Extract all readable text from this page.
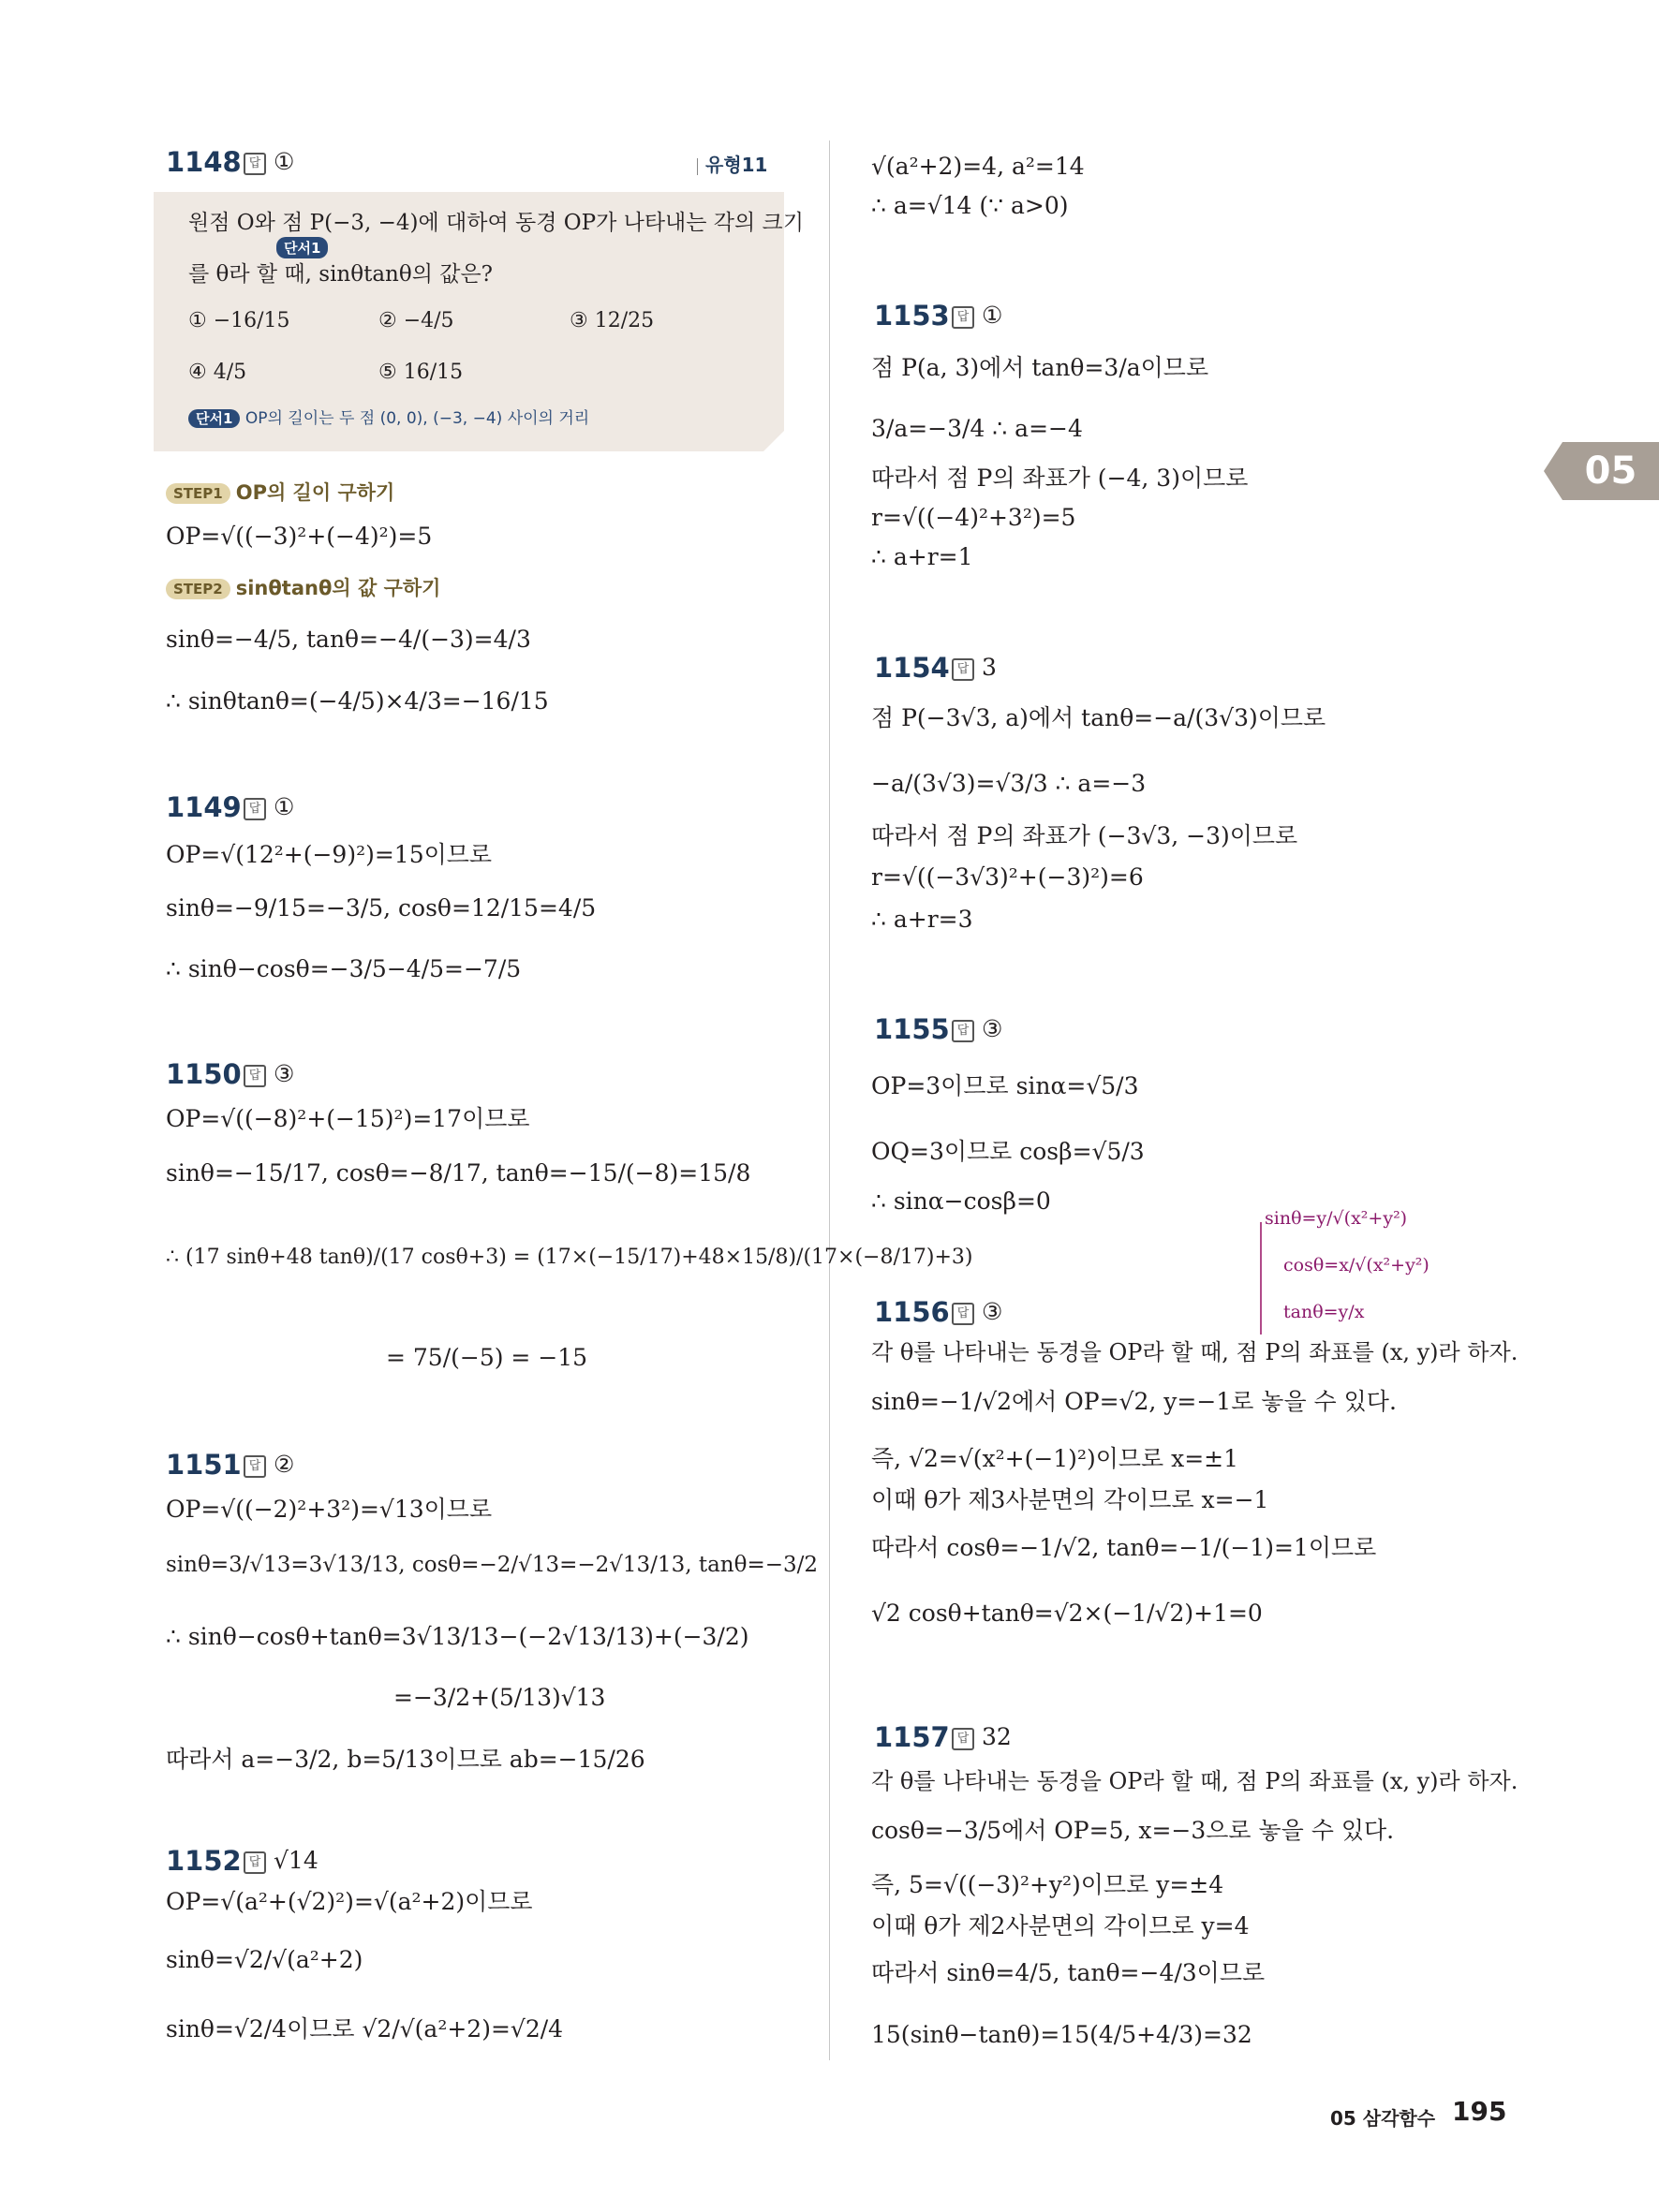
05
1148 답 ①	유형11
원점 O와 점 P(−3, −4)에 대하여 동경 OP가 나타내는 각의 크기
단서1
를 θ라 할 때, sinθtanθ의 값은?
① −16/15	② −4/5	③ 12/25
④ 4/5	⑤ 16/15
단서1 OP의 길이는 두 점 (0, 0), (−3, −4) 사이의 거리
STEP1 OP의 길이 구하기
OP=√((−3)²+(−4)²)=5
STEP2 sinθtanθ의 값 구하기
sinθ=−4/5, tanθ=−4/(−3)=4/3
∴ sinθtanθ=(−4/5)×4/3=−16/15
1149 답 ①
OP=√(12²+(−9)²)=15이므로
sinθ=−9/15=−3/5, cosθ=12/15=4/5
∴ sinθ−cosθ=−3/5−4/5=−7/5
1150 답 ③
OP=√((−8)²+(−15)²)=17이므로
sinθ=−15/17, cosθ=−8/17, tanθ=−15/(−8)=15/8
∴ (17 sinθ+48 tanθ)/(17 cosθ+3) = (17×(−15/17)+48×15/8)/(17×(−8/17)+3)
= 75/(−5) = −15
1151 답 ②
OP=√((−2)²+3²)=√13이므로
sinθ=3/√13=3√13/13, cosθ=−2/√13=−2√13/13, tanθ=−3/2
∴ sinθ−cosθ+tanθ=3√13/13−(−2√13/13)+(−3/2)
=−3/2+(5/13)√13
따라서 a=−3/2, b=5/13이므로 ab=−15/26
1152 답 √14
OP=√(a²+(√2)²)=√(a²+2)이므로
sinθ=√2/√(a²+2)
sinθ=√2/4이므로 √2/√(a²+2)=√2/4
√(a²+2)=4, a²=14
∴ a=√14 (∵ a>0)
1153 답 ①
점 P(a, 3)에서 tanθ=3/a이므로
3/a=−3/4 ∴ a=−4
따라서 점 P의 좌표가 (−4, 3)이므로
r=√((−4)²+3²)=5
∴ a+r=1
1154 답 3
점 P(−3√3, a)에서 tanθ=−a/(3√3)이므로
−a/(3√3)=√3/3 ∴ a=−3
따라서 점 P의 좌표가 (−3√3, −3)이므로
r=√((−3√3)²+(−3)²)=6
∴ a+r=3
1155 답 ③
OP=3이므로 sinα=√5/3
OQ=3이므로 cosβ=√5/3
∴ sinα−cosβ=0
sinθ=y/√(x²+y²)
cosθ=x/√(x²+y²)
tanθ=y/x
1156 답 ③
각 θ를 나타내는 동경을 OP라 할 때, 점 P의 좌표를 (x, y)라 하자.
sinθ=−1/√2에서 OP=√2, y=−1로 놓을 수 있다.
즉, √2=√(x²+(−1)²)이므로 x=±1
이때 θ가 제3사분면의 각이므로 x=−1
따라서 cosθ=−1/√2, tanθ=−1/(−1)=1이므로
√2 cosθ+tanθ=√2×(−1/√2)+1=0
1157 답 32
각 θ를 나타내는 동경을 OP라 할 때, 점 P의 좌표를 (x, y)라 하자.
cosθ=−3/5에서 OP=5, x=−3으로 놓을 수 있다.
즉, 5=√((−3)²+y²)이므로 y=±4
이때 θ가 제2사분면의 각이므로 y=4
따라서 sinθ=4/5, tanθ=−4/3이므로
15(sinθ−tanθ)=15(4/5+4/3)=32
05 삼각함수 195
